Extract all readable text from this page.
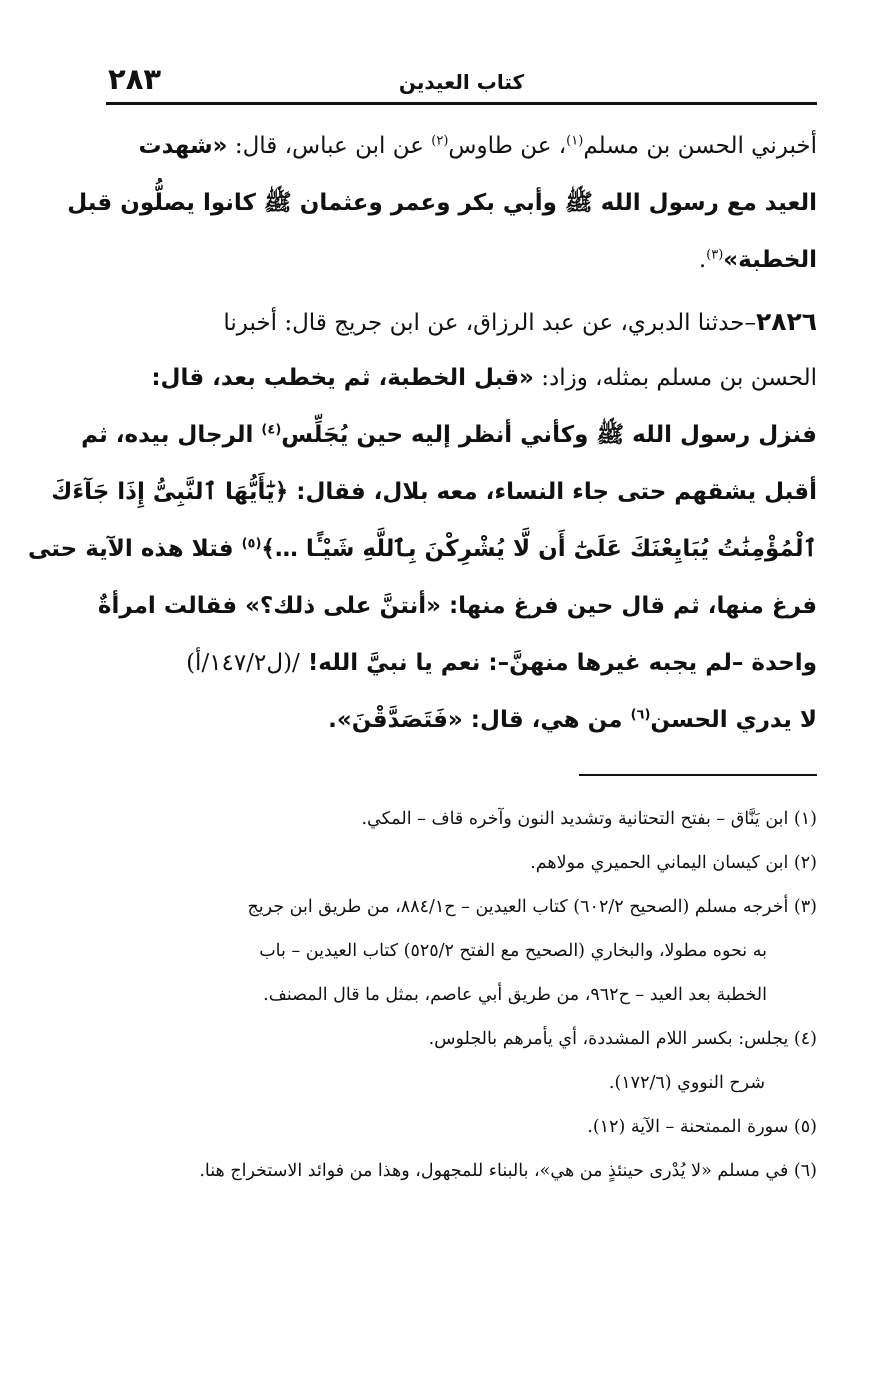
كتاب العيدين
٢٨٣
أخبرني الحسن بن مسلم$^{(١)}$، عن طاوس$^{(٢)}$ عن ابن عباس، قال: «شهدت
العيد مع رسول الله ﷺ وأبي بكر وعمر وعثمان ﷺ كانوا يصلُّون قبل
الخطبة»$^{(٣)}$.
٢٨٢٦–حدثنا الدبري، عن عبد الرزاق، عن ابن جريج قال: أخبرنا
الحسن بن مسلم بمثله، وزاد: «قبل الخطبة، ثم يخطب بعد، قال:
فنزل رسول الله ﷺ وكأني أنظر إليه حين يُجَلِّس$^{(٤)}$ الرجال بيده، ثم
أقبل يشقهم حتى جاء النساء، معه بلال، فقال: ﴿يَٰٓأَيُّهَا ٱلنَّبِىُّ إِذَا جَآءَكَ
ٱلْمُؤْمِنَٰتُ يُبَايِعْنَكَ عَلَىٰٓ أَن لَّا يُشْرِكْنَ بِٱللَّهِ شَيْـًٔا …﴾$^{(٥)}$ فتلا هذه الآية حتى
فرغ منها، ثم قال حين فرغ منها: «أنتنَّ على ذلك؟» فقالت امرأةٌ
واحدة –لم يجبه غيرها منهنَّ–: نعم يا نبيَّ الله! /(ل١٤٧/٢/أ)
لا يدري الحسن$^{(٦)}$ من هي، قال: «فَتَصَدَّقْنَ».
(١) ابن يَنَّاق – بفتح التحتانية وتشديد النون وآخره قاف – المكي.
(٢) ابن كيسان اليماني الحميري مولاهم.
(٣) أخرجه مسلم (الصحيح ٦٠٢/٢) كتاب العيدين – ح٨٨٤/١، من طريق ابن جريج
به نحوه مطولا، والبخاري (الصحيح مع الفتح ٥٢٥/٢) كتاب العيدين – باب
الخطبة بعد العيد – ح٩٦٢، من طريق أبي عاصم، بمثل ما قال المصنف.
(٤) يجلس: بكسر اللام المشددة، أي يأمرهم بالجلوس.
شرح النووي (١٧٢/٦).
(٥) سورة الممتحنة – الآية (١٢).
(٦) في مسلم «لا يُدْرى حينئذٍ من هي»، بالبناء للمجهول، وهذا من فوائد الاستخراج هنا.
